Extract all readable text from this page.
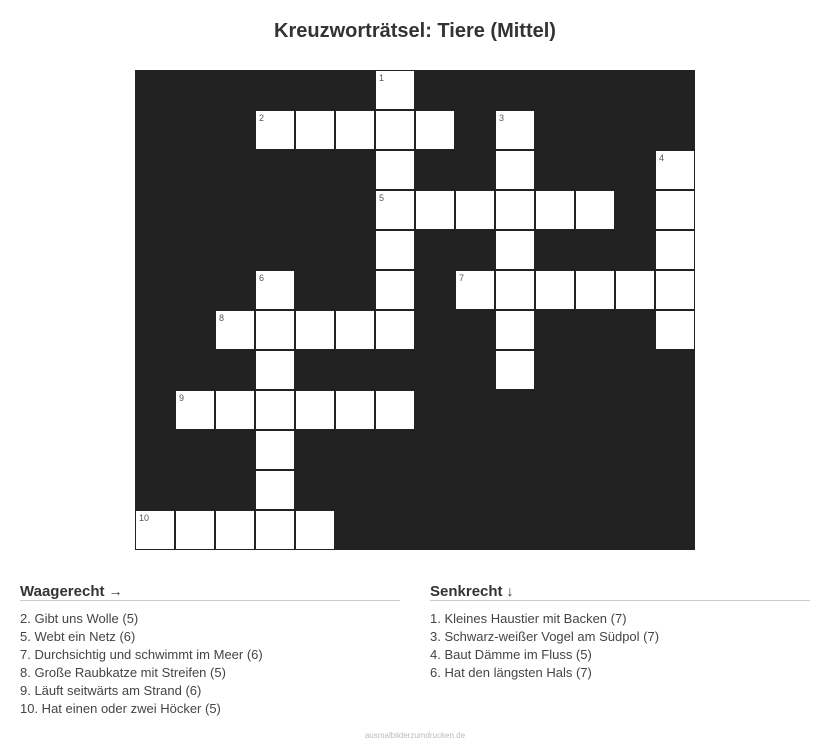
Kreuzworträtsel: Tiere (Mittel)
1
2	3
4
5
6	7
8
9
10
Waagerecht →
2. Gibt uns Wolle (5)
5. Webt ein Netz (6)
7. Durchsichtig und schwimmt im Meer (6)
8. Große Raubkatze mit Streifen (5)
9. Läuft seitwärts am Strand (6)
10. Hat einen oder zwei Höcker (5)
Senkrecht ↓
1. Kleines Haustier mit Backen (7)
3. Schwarz-weißer Vogel am Südpol (7)
4. Baut Dämme im Fluss (5)
6. Hat den längsten Hals (7)
ausmalbilderzumdrucken.de
